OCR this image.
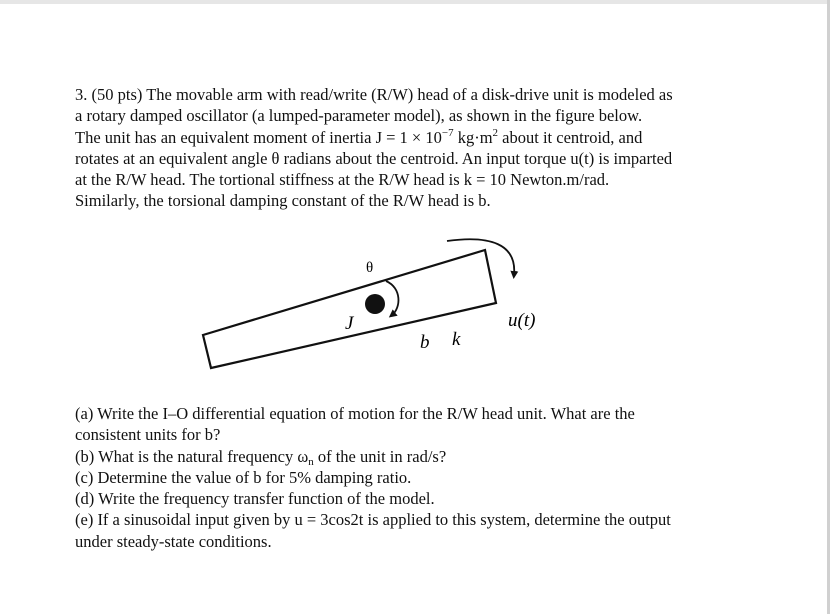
3. (50 pts) The movable arm with read/write (R/W) head of a disk-drive unit is modeled as

a rotary damped oscillator (a lumped-parameter model), as shown in the figure below.

The unit has an equivalent moment of inertia $J = 1 \times 10^{-7}$ $kg\cdot m^2$ about it centroid, and

rotates at an equivalent angle θ radians about the centroid. An input torque u(t) is imparted

at the R/W head. The tortional stiffness at the R/W head is k = 10 Newton.m/rad.

Similarly, the torsional damping constant of the R/W head is b.

θ
J
b k
u(t)

(a) Write the I–O differential equation of motion for the R/W head unit. What are the

consistent units for b?

(b) What is the natural frequency $\omega_n$ of the unit in rad/s?

(c) Determine the value of b for 5% damping ratio.

(d) Write the frequency transfer function of the model.

(e) If a sinusoidal input given by u = 3cos2t is applied to this system, determine the output

under steady-state conditions.
